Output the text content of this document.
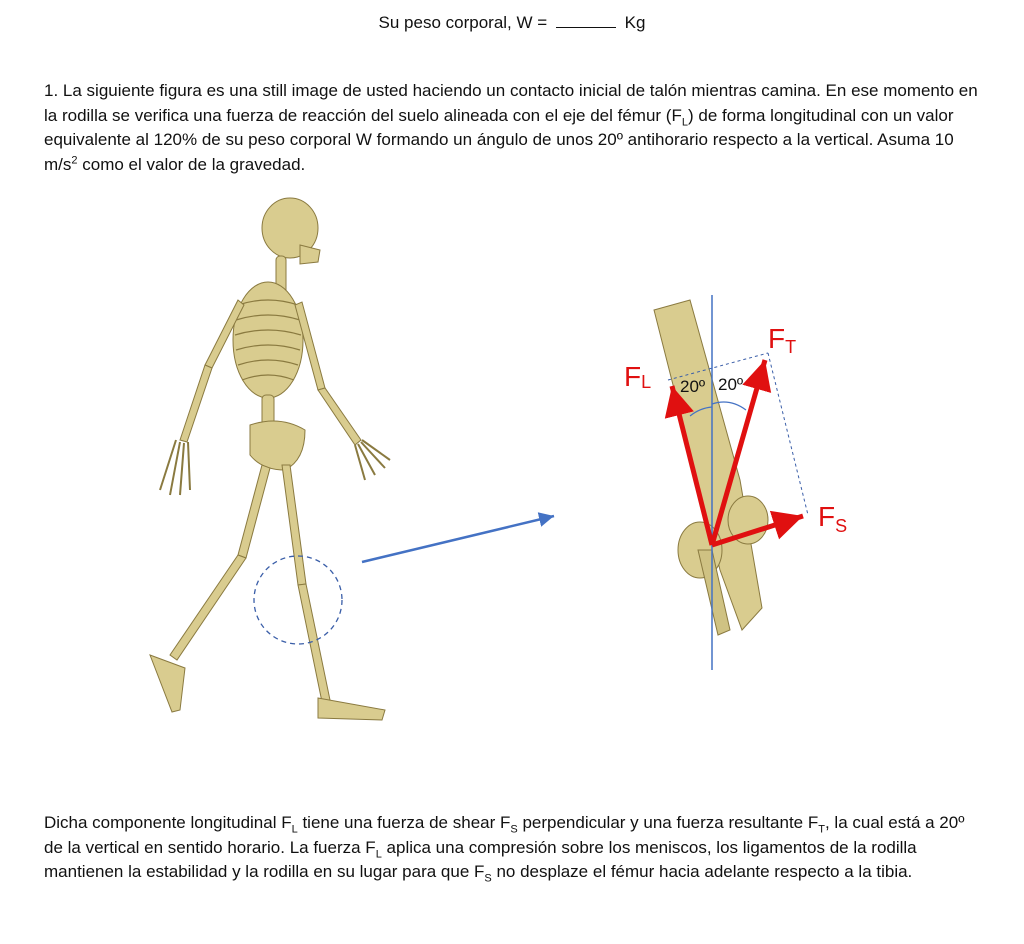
Su peso corporal, W =	Kg
1. La siguiente figura es una still image de usted haciendo un contacto inicial de talón mientras camina. En ese momento en la rodilla se verifica una fuerza de reacción del suelo alineada con el eje del fémur $(F_L)$ de forma longitudinal con un valor equivalente al 120% de su peso corporal W formando un ángulo de unos 20º antihorario respecto a la vertical. Asuma 10 $m/s^2$ como el valor de la gravedad.
FL
FT
$F_S$
20º 20º
Dicha componente longitudinal $F_L$ tiene una fuerza de shear $F_S$ perpendicular y una fuerza resultante $F_T$, la cual está a 20º de la vertical en sentido horario. La fuerza $F_L$ aplica una compresión sobre los meniscos, los ligamentos de la rodilla mantienen la estabilidad y la rodilla en su lugar para que $F_S$ no desplaze el fémur hacia adelante respecto a la tibia.
